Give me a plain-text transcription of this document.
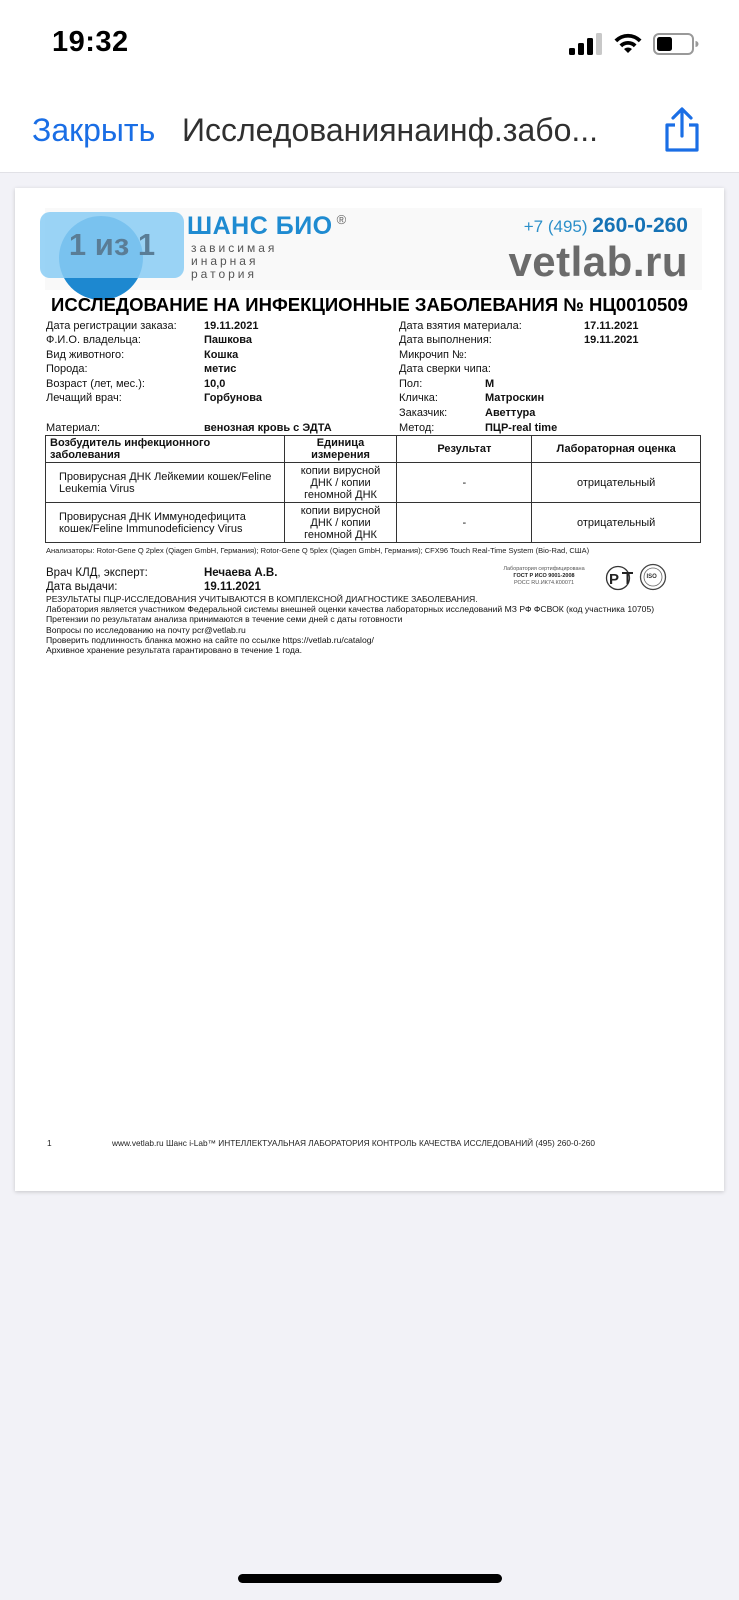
19:32
Закрыть Исследованиянаинф.забо...
ШАНС БИО ®
зависимая
инарная
ратория
+7 (495) 260-0-260
vetlab.ru
ИССЛЕДОВАНИЕ НА ИНФЕКЦИОННЫЕ ЗАБОЛЕВАНИЯ № НЦ0010509
Дата регистрации заказа: 19.11.2021
Ф.И.О. владельца:	Пашкова
Вид животного:	Кошка
Порода:	метис
Возраст (лет, мес.):	10,0
Лечащий врач:	Горбунова
Материал:	венозная кровь с ЭДТА
Дата взятия материала:	17.11.2021
Дата выполнения:	19.11.2021
Микрочип №:
Дата сверки чипа:
Пол:	М
Кличка:	Матроскин
Заказчик:	Аветтура
Метод:	ПЦР-real time
Возбудитель инфекционного заболевания	Единица измерения	Результат	Лабораторная оценка
Провирусная ДНК Лейкемии кошек/Feline Leukemia Virus	копии вирусной ДНК / копии геномной ДНК	-	отрицательный
Провирусная ДНК Иммунодефицита кошек/Feline Immunodeficiency Virus	копии вирусной ДНК / копии геномной ДНК	-	отрицательный
Анализаторы: Rotor-Gene Q 2plex (Qiagen GmbH, Германия); Rotor-Gene Q 5plex (Qiagen GmbH, Германия); CFX96 Touch Real-Time System (Bio-Rad, США)
Врач КЛД, эксперт:	Нечаева А.В.
Дата выдачи:	19.11.2021
Лаборатория сертифицирована
ГОСТ Р ИСО 9001-2008
РОСС RU.ИК74.К00071	P	ISO
РЕЗУЛЬТАТЫ ПЦР-ИССЛЕДОВАНИЯ УЧИТЫВАЮТСЯ В КОМПЛЕКСНОЙ ДИАГНОСТИКЕ ЗАБОЛЕВАНИЯ.
Лаборатория является участником Федеральной системы внешней оценки качества лабораторных исследований МЗ РФ ФСВОК (код участника 10705)
Претензии по результатам анализа принимаются в течение семи дней с даты готовности
Вопросы по исследованию на почту pcr@vetlab.ru
Проверить подлинность бланка можно на сайте по ссылке https://vetlab.ru/catalog/
Архивное хранение результата гарантировано в течение 1 года.
1	www.vetlab.ru Шанс i-Lab™ ИНТЕЛЛЕКТУАЛЬНАЯ ЛАБОРАТОРИЯ КОНТРОЛЬ КАЧЕСТВА ИССЛЕДОВАНИЙ (495) 260-0-260
1 из 1
